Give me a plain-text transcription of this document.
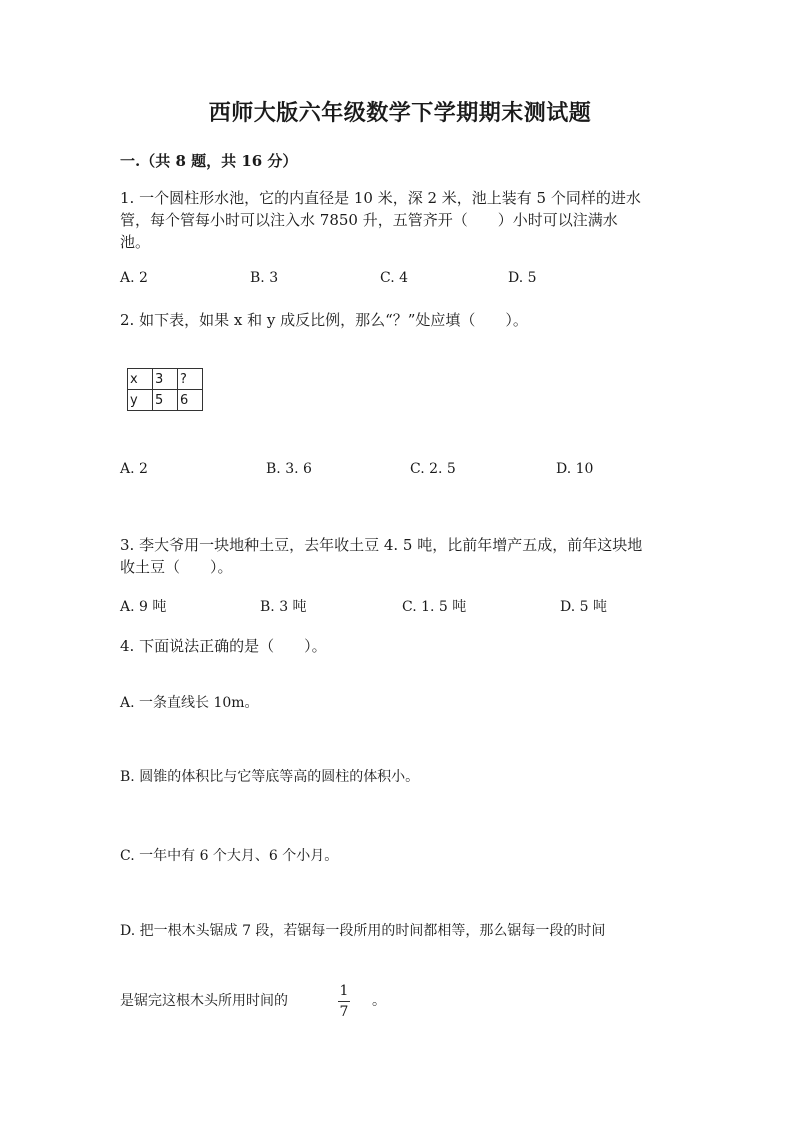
西师大版六年级数学下学期期末测试题
一.（共 8 题，共 16 分）
1. 一个圆柱形水池，它的内直径是 10 米，深 2 米，池上装有 5 个同样的进水
管，每个管每小时可以注入水 7850 升，五管齐开（　　）小时可以注满水
池。
A. 2	B. 3	C. 4	D. 5
2. 如下表，如果 x 和 y 成反比例，那么“？”处应填（　　）。
x	3	?
y	5	6
A. 2	B. 3. 6	C. 2. 5	D. 10
3. 李大爷用一块地种土豆，去年收土豆 4. 5 吨，比前年增产五成，前年这块地
收土豆（　　）。
A. 9 吨	B. 3 吨	C. 1. 5 吨	D. 5 吨
4. 下面说法正确的是（　　）。
A. 一条直线长 10m。
B. 圆锥的体积比与它等底等高的圆柱的体积小。
C. 一年中有 6 个大月、6 个小月。
D. 把一根木头锯成 7 段，若锯每一段所用的时间都相等，那么锯每一段的时间
是锯完这根木头所用时间的
1
7
。
